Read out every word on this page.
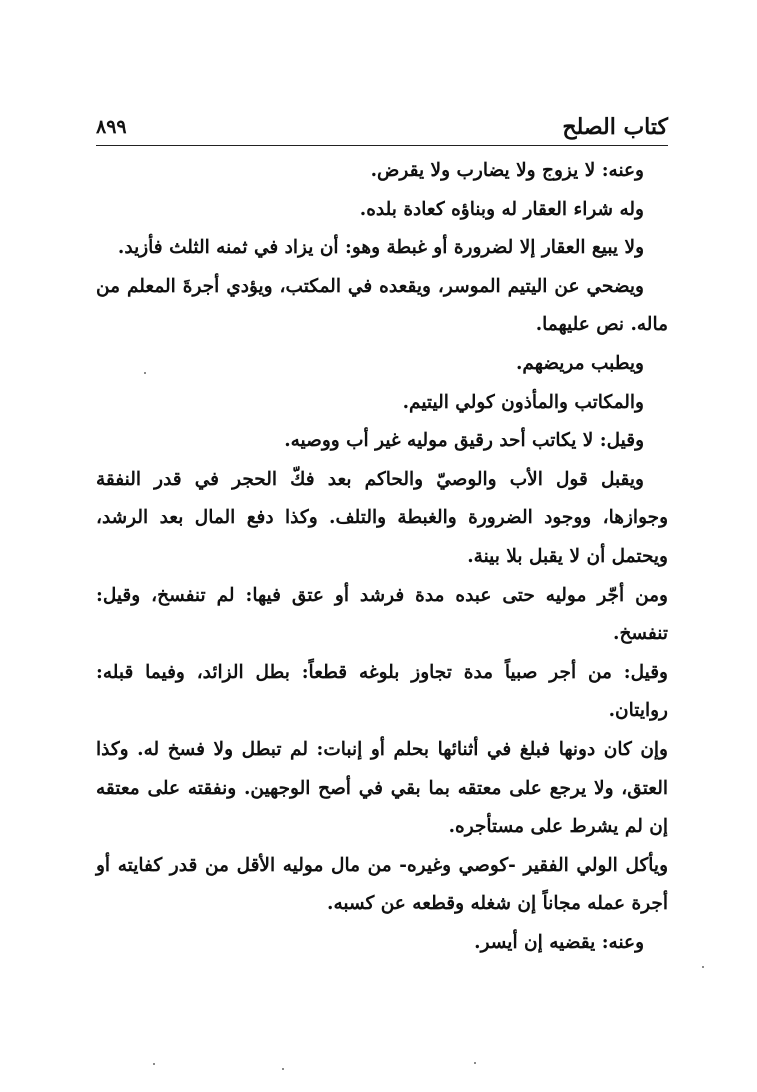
كتاب الصلح
٨٩٩

وعنه: لا يزوج ولا يضارب ولا يقرض.

وله شراء العقار له وبناؤه كعادة بلده.

ولا يبيع العقار إلا لضرورة أو غبطة وهو: أن يزاد في ثمنه الثلث فأزيد.

ويضحي عن اليتيم الموسر، ويقعده في المكتب، ويؤدي أجرةَ المعلم من ماله. نص عليهما.

ويطبب مريضهم.

والمكاتب والمأذون كولي اليتيم.

وقيل: لا يكاتب أحد رقيق موليه غير أب ووصيه.

ويقبل قول الأب والوصيّ والحاكم بعد فكّ الحجر في قدر النفقة وجوازها، ووجود الضرورة والغبطة والتلف. وكذا دفع المال بعد الرشد، ويحتمل أن لا يقبل بلا بينة.

ومن أجّر موليه حتى عبده مدة فرشد أو عتق فيها: لم تنفسخ، وقيل: تنفسخ.

وقيل: من أجر صبياً مدة تجاوز بلوغه قطعاً: بطل الزائد، وفيما قبله: روايتان.

وإن كان دونها فبلغ في أثنائها بحلم أو إنبات: لم تبطل ولا فسخ له. وكذا العتق، ولا يرجع على معتقه بما بقي في أصح الوجهين. ونفقته على معتقه إن لم يشرط على مستأجره.

ويأكل الولي الفقير -كوصي وغيره- من مال موليه الأقل من قدر كفايته أو أجرة عمله مجاناً إن شغله وقطعه عن كسبه.

وعنه: يقضيه إن أيسر.
